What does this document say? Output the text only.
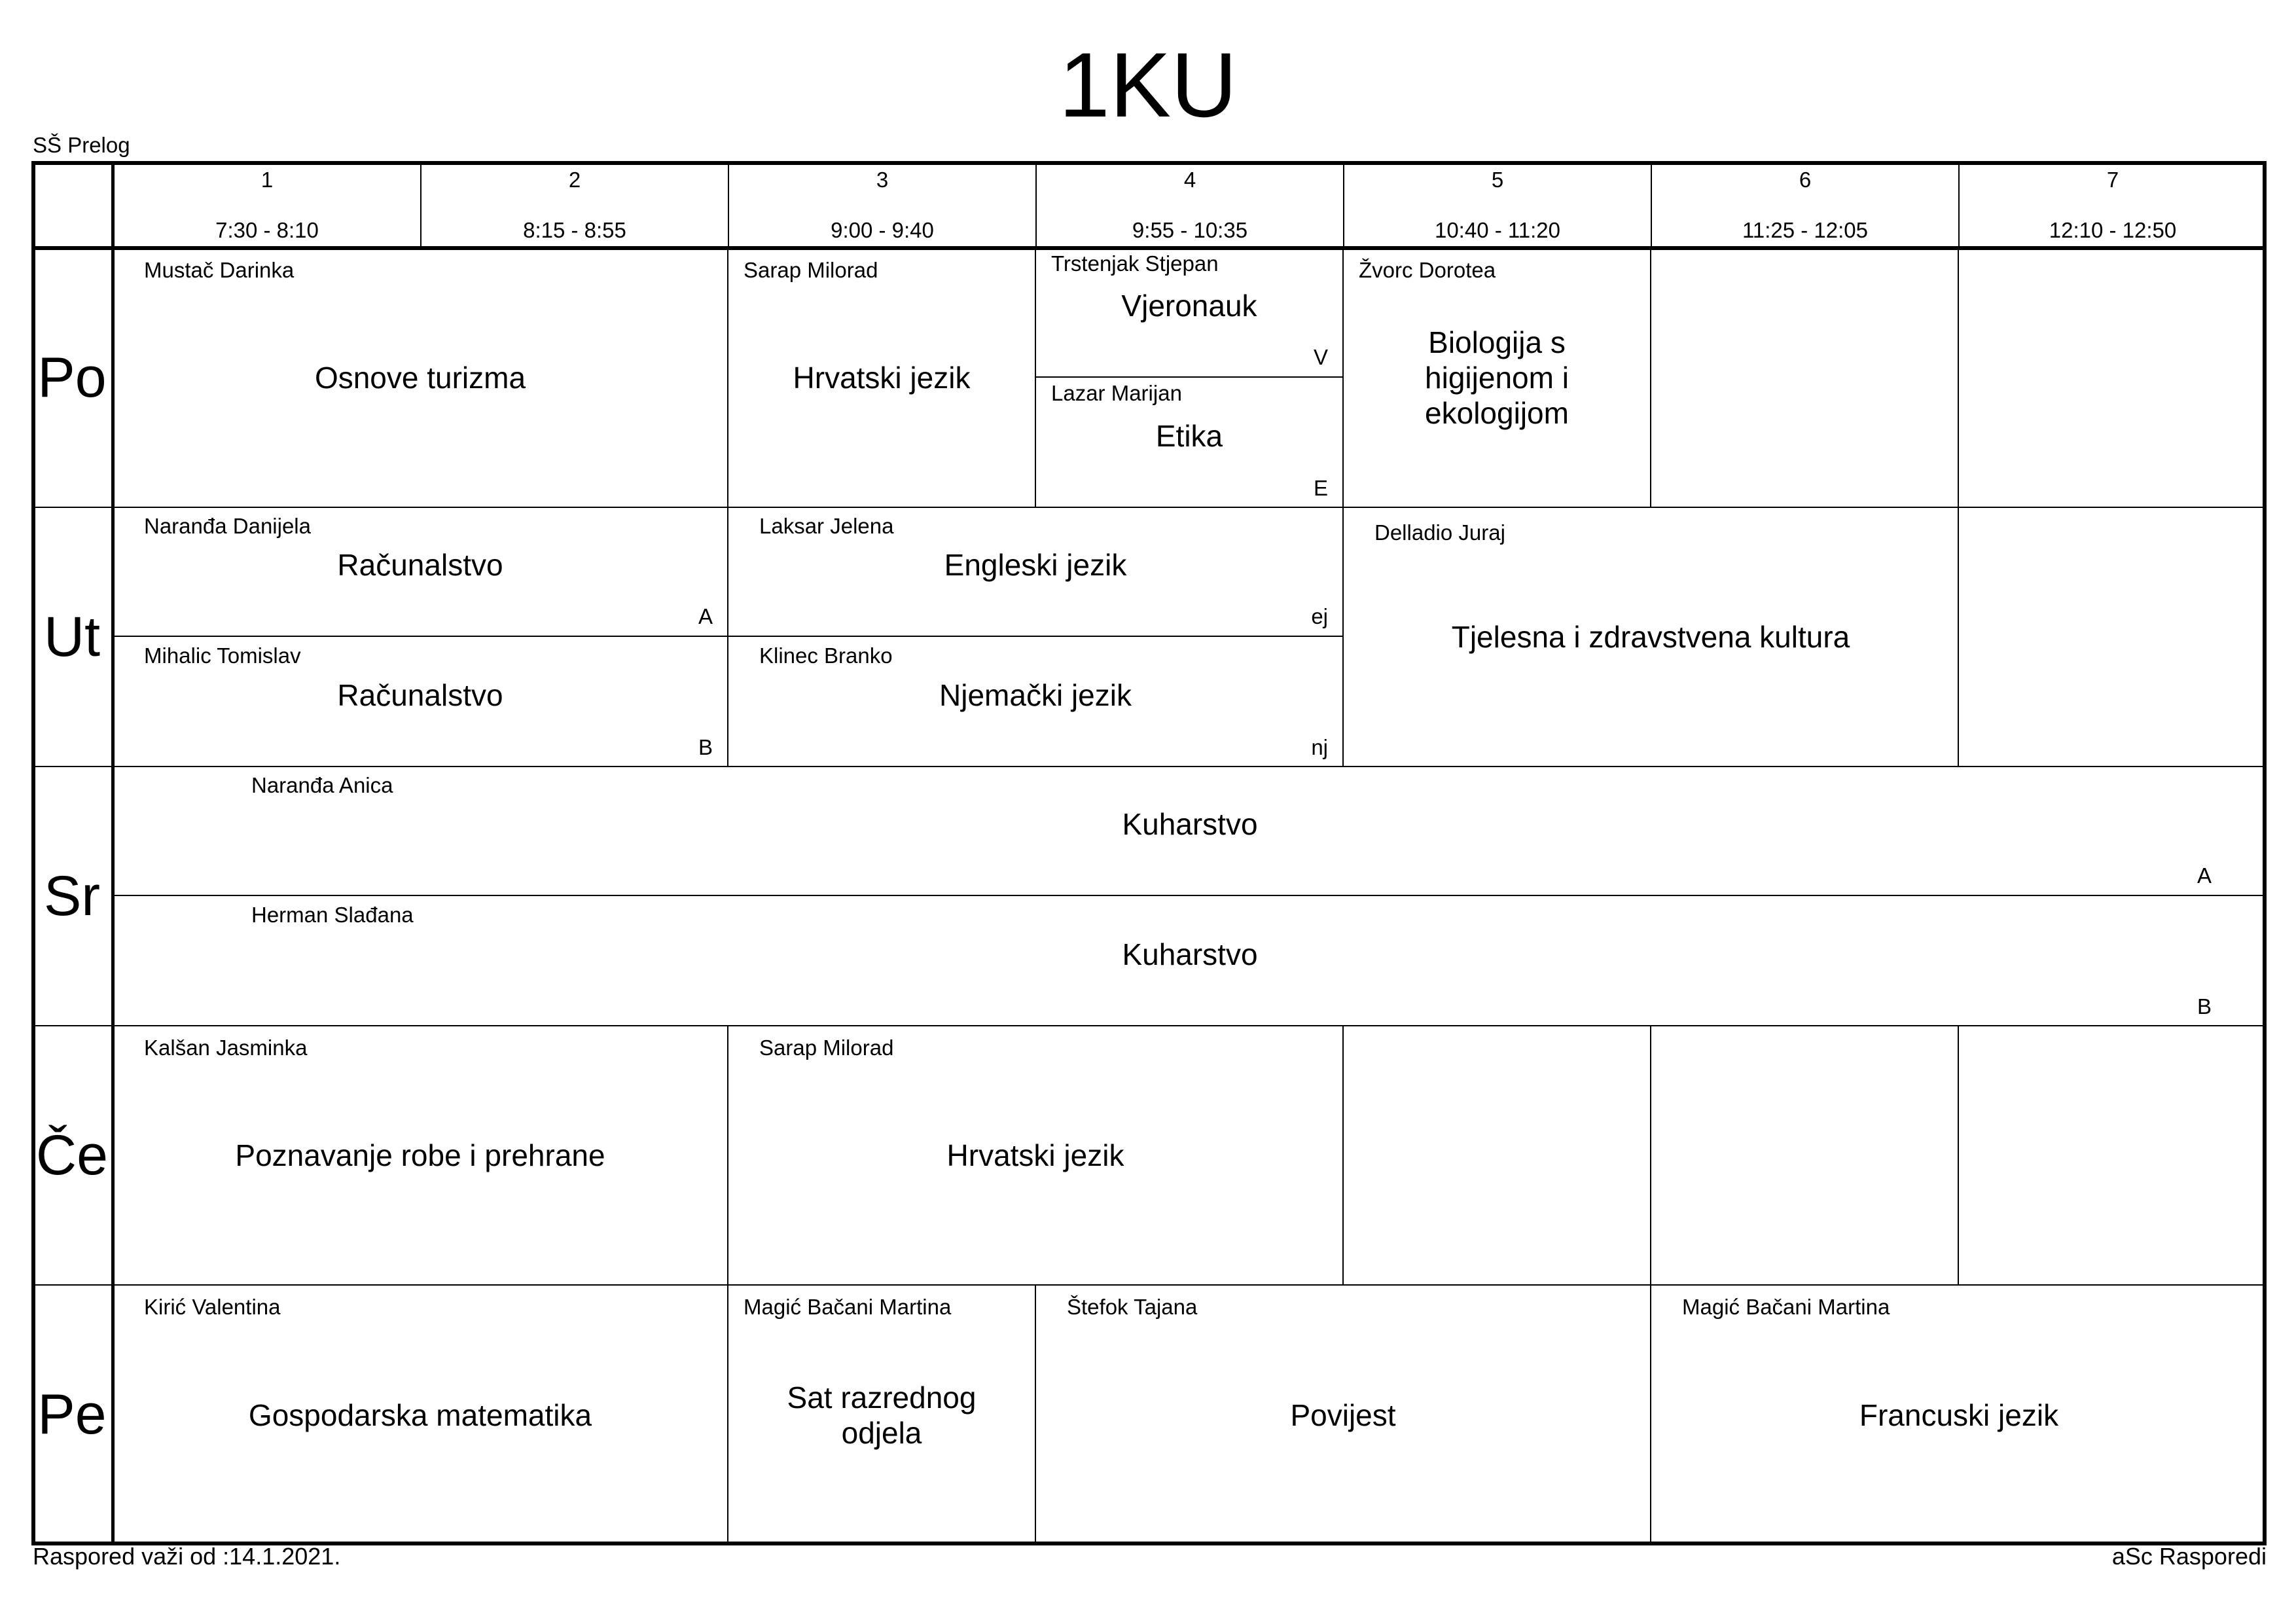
1KU
SŠ Prelog
1
7:30 - 8:10
2
8:15 - 8:55
3
9:00 - 9:40
4
9:55 - 10:35
5
10:40 - 11:20
6
11:25 - 12:05
7
12:10 - 12:50
Po
Ut
Sr
Če
Pe
Mustač Darinka
Osnove turizma
Sarap Milorad
Hrvatski jezik
Trstenjak Stjepan
Vjeronauk
V
Lazar Marijan
Etika
E
Žvorc Dorotea
Biologija s higijenom i ekologijom
Naranđa Danijela
Računalstvo
A
Mihalic Tomislav
Računalstvo
B
Laksar Jelena
Engleski jezik
ej
Klinec Branko
Njemački jezik
nj
Delladio Juraj
Tjelesna i zdravstvena kultura
Naranđa Anica
Kuharstvo
A
Herman Slađana
Kuharstvo
B
Kalšan Jasminka
Poznavanje robe i prehrane
Sarap Milorad
Hrvatski jezik
Kirić Valentina
Gospodarska matematika
Magić Bačani Martina
Sat razrednog odjela
Štefok Tajana
Povijest
Magić Bačani Martina
Francuski jezik
Raspored važi od :14.1.2021.	aSc Rasporedi
